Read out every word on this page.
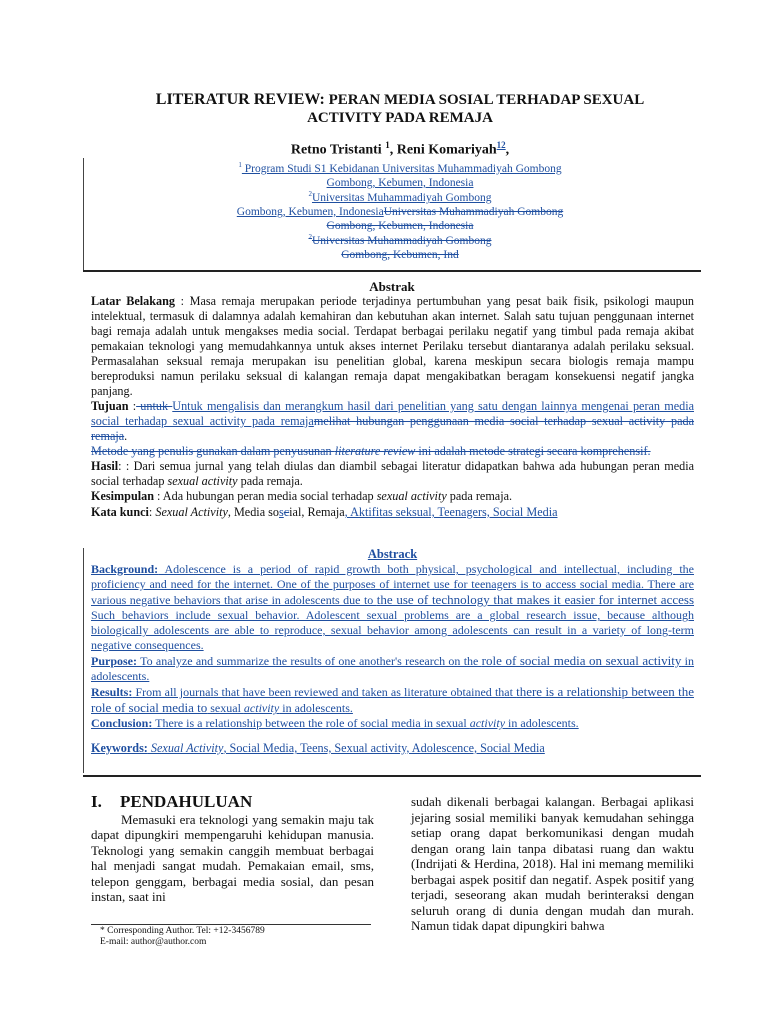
LITERATUR REVIEW: PERAN MEDIA SOSIAL TERHADAP SEXUAL
ACTIVITY PADA REMAJA
Retno Tristanti $^1$, Reni Komariyah$^{12}$,
$^1$ Program Studi S1 Kebidanan Universitas Muhammadiyah Gombong
Gombong, Kebumen, Indonesia
$^2$Universitas Muhammadiyah Gombong
Gombong, Kebumen, IndonesiaUniversitas Muhammadiyah Gombong
Gombong, Kebumen, Indonesia
$^2$Universitas Muhammadiyah Gombong
Gombong, Kebumen, Ind
Abstrak

Latar Belakang : Masa remaja merupakan periode terjadinya pertumbuhan yang pesat baik fisik, psikologi maupun intelektual, termasuk di dalamnya adalah kemahiran dan kebutuhan akan internet. Salah satu tujuan penggunaan internet bagi remaja adalah untuk mengakses media social. Terdapat berbagai perilaku negatif yang timbul pada remaja akibat pemakaian teknologi yang memudahkannya untuk akses internet Perilaku tersebut diantaranya adalah perilaku seksual. Permasalahan seksual remaja merupakan isu penelitian global, karena meskipun secara biologis remaja mampu bereproduksi namun perilaku seksual di kalangan remaja dapat mengakibatkan beragam konsekuensi negatif jangka panjang.

Tujuan : untuk Untuk mengalisis dan merangkum hasil dari penelitian yang satu dengan lainnya mengenai peran media social terhadap sexual activity pada remajamelihat hubungan penggunaan media social terhadap sexual activity pada remaja.

Metode yang penulis gunakan dalam penyusunan literature review ini adalah metode strategi secara komprehensif.

Hasil: : Dari semua jurnal yang telah diulas dan diambil sebagai literatur didapatkan bahwa ada hubungan peran media social terhadap sexual activity pada remaja.

Kesimpulan : Ada hubungan peran media social terhadap sexual activity pada remaja.

Kata kunci: Sexual Activity, Media soscial, Remaja, Aktifitas seksual, Teenagers, Social Media
Abstrack

Background: Adolescence is a period of rapid growth both physical, psychological and intellectual, including the proficiency and need for the internet. One of the purposes of internet use for teenagers is to access social media. There are various negative behaviors that arise in adolescents due to the use of technology that makes it easier for internet access Such behaviors include sexual behavior. Adolescent sexual problems are a global research issue, because although biologically adolescents are able to reproduce, sexual behavior among adolescents can result in a variety of long-term negative consequences.

Purpose: To analyze and summarize the results of one another's research on the role of social media on sexual activity in adolescents.

Results: From all journals that have been reviewed and taken as literature obtained that there is a relationship between the role of social media to sexual activity in adolescents.

Conclusion: There is a relationship between the role of social media in sexual activity in adolescents.

Keywords: Sexual Activity, Social Media, Teens, Sexual activity, Adolescence, Social Media
I. PENDAHULUAN

Memasuki era teknologi yang semakin maju tak dapat dipungkiri mempengaruhi kehidupan manusia. Teknologi yang semakin canggih membuat berbagai hal menjadi sangat mudah. Pemakaian email, sms, telepon genggam, berbagai media sosial, dan pesan instan, saat ini

* Corresponding Author. Tel: +12-3456789
E-mail: author@author.com

sudah dikenali berbagai kalangan. Berbagai aplikasi jejaring sosial memiliki banyak kemudahan sehingga setiap orang dapat berkomunikasi dengan mudah dengan orang lain tanpa dibatasi ruang dan waktu (Indrijati & Herdina, 2018). Hal ini memang memiliki berbagai aspek positif dan negatif. Aspek positif yang terjadi, seseorang akan mudah berinteraksi dengan seluruh orang di dunia dengan mudah dan murah. Namun tidak dapat dipungkiri bahwa
